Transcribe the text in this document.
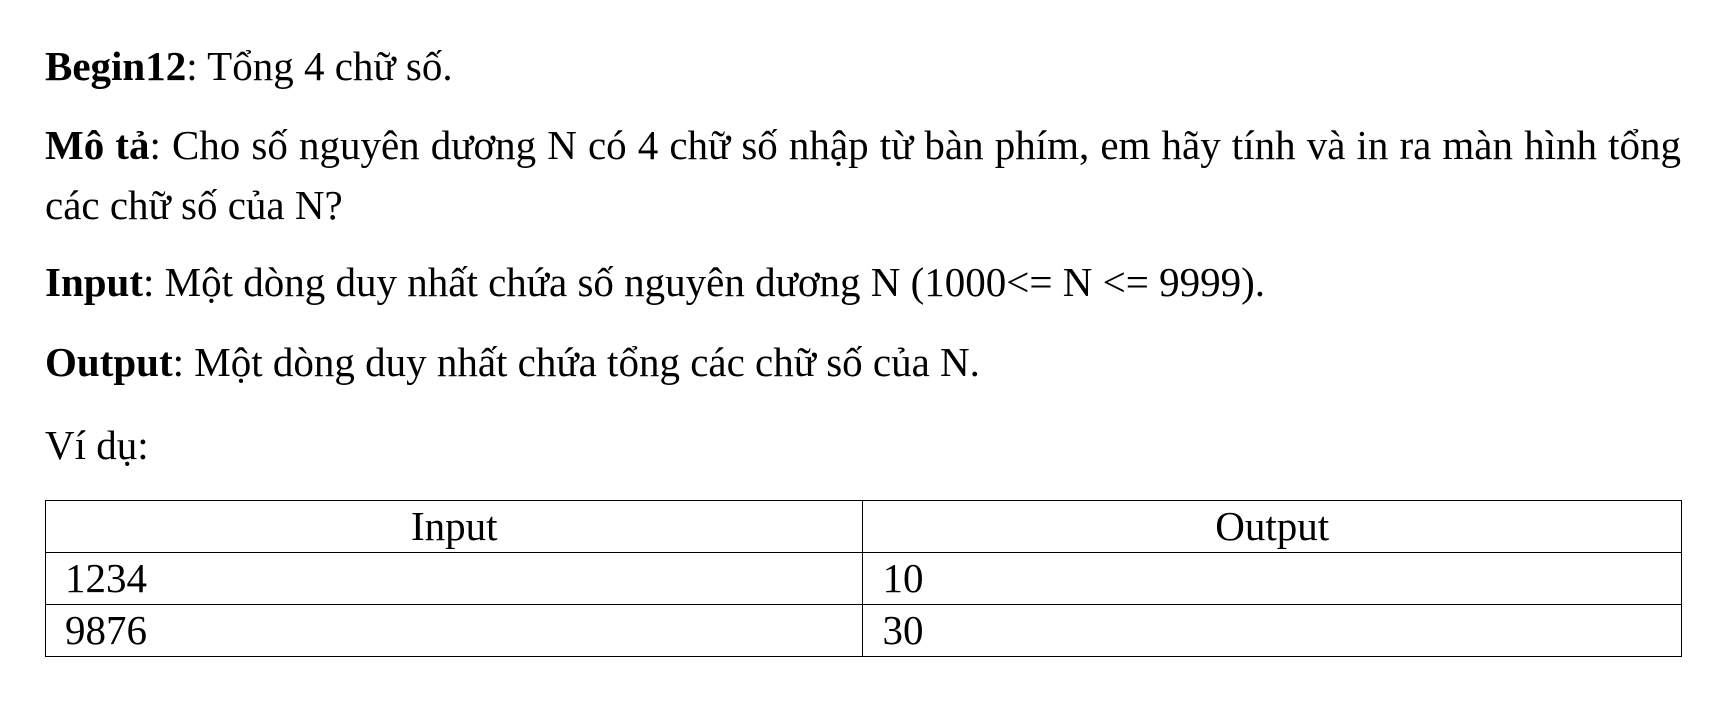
Begin12: Tổng 4 chữ số.
Mô tả: Cho số nguyên dương N có 4 chữ số nhập từ bàn phím, em hãy tính và in ra màn hình tổng các chữ số của N?
Input: Một dòng duy nhất chứa số nguyên dương N (1000<= N <= 9999).
Output: Một dòng duy nhất chứa tổng các chữ số của N.
Ví dụ:
Input	Output
1234	10
9876	30
